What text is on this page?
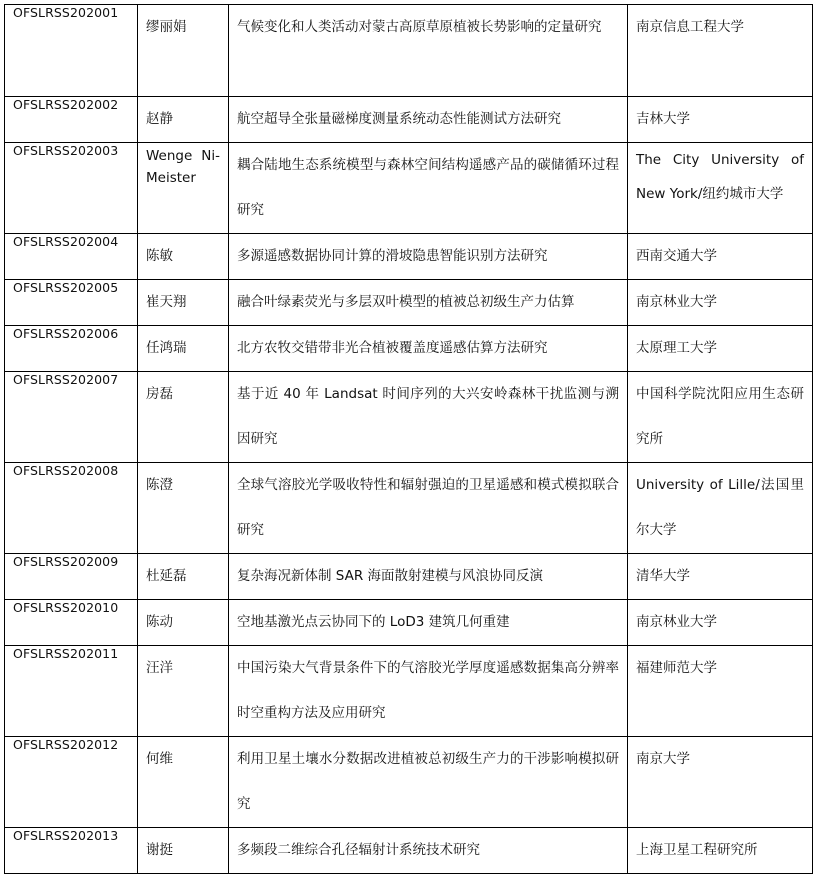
OFSLRSS202001	缪丽娟	气候变化和人类活动对蒙古高原草原植被长势影响的定量研究	南京信息工程大学
OFSLRSS202002	赵静	航空超导全张量磁梯度测量系统动态性能测试方法研究	吉林大学
OFSLRSS202003	Wenge Ni-Meister	耦合陆地生态系统模型与森林空间结构遥感产品的碳储循环过程研究	The City University of New York/纽约城市大学
OFSLRSS202004	陈敏	多源遥感数据协同计算的滑坡隐患智能识别方法研究	西南交通大学
OFSLRSS202005	崔天翔	融合叶绿素荧光与多层双叶模型的植被总初级生产力估算	南京林业大学
OFSLRSS202006	任鸿瑞	北方农牧交错带非光合植被覆盖度遥感估算方法研究	太原理工大学
OFSLRSS202007	房磊	基于近 40 年 Landsat 时间序列的大兴安岭森林干扰监测与溯因研究	中国科学院沈阳应用生态研究所
OFSLRSS202008	陈澄	全球气溶胶光学吸收特性和辐射强迫的卫星遥感和模式模拟联合研究	University of Lille/法国里尔大学
OFSLRSS202009	杜延磊	复杂海况新体制 SAR 海面散射建模与风浪协同反演	清华大学
OFSLRSS202010	陈动	空地基激光点云协同下的 LoD3 建筑几何重建	南京林业大学
OFSLRSS202011	汪洋	中国污染大气背景条件下的气溶胶光学厚度遥感数据集高分辨率时空重构方法及应用研究	福建师范大学
OFSLRSS202012	何维	利用卫星土壤水分数据改进植被总初级生产力的干涉影响模拟研究	南京大学
OFSLRSS202013	谢挺	多频段二维综合孔径辐射计系统技术研究	上海卫星工程研究所
